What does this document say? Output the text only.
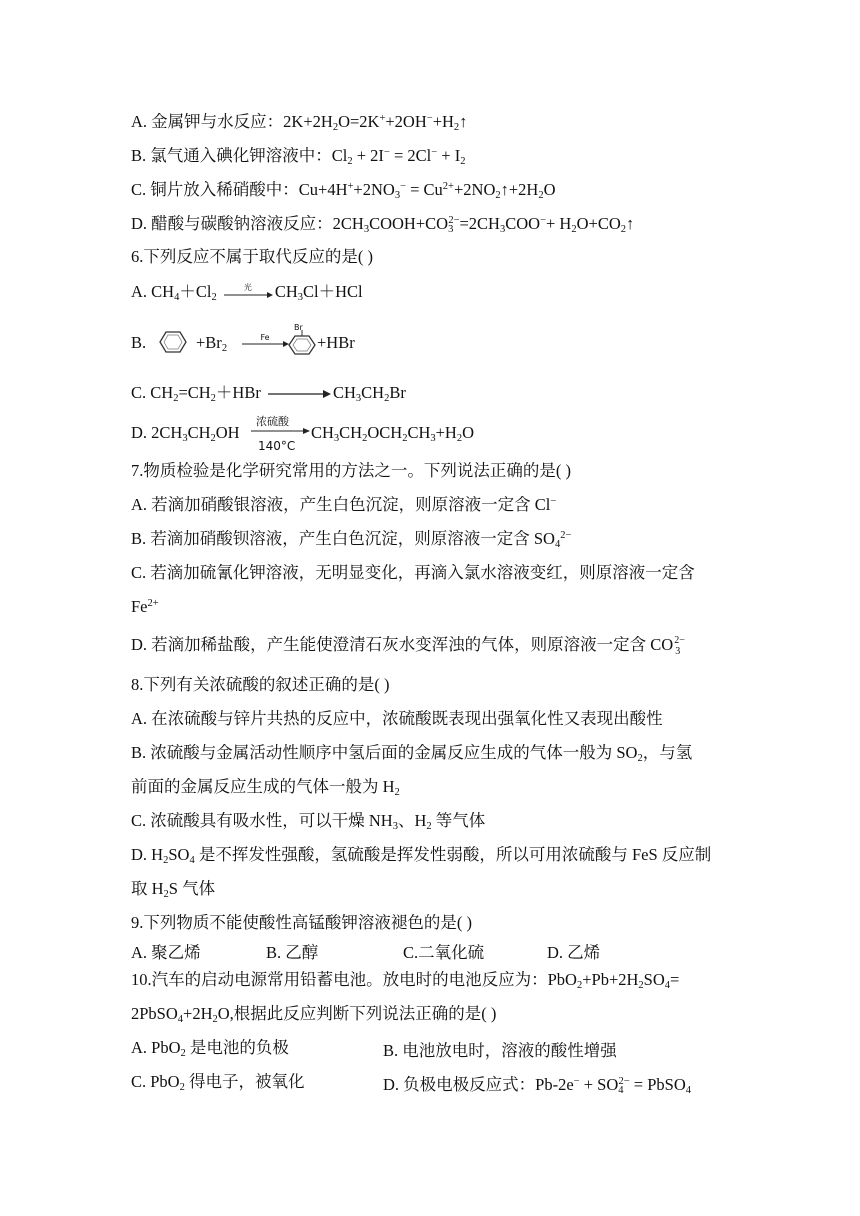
A. 金属钾与水反应：$2K+2H_2O=2K^++2OH^-+H_2↑$
B. 氯气通入碘化钾溶液中：$Cl_2 + 2I^- = 2Cl^- + I_2$
C. 铜片放入稀硝酸中：$Cu+4H^++2NO_3^-$ = $Cu^{2+}+2NO_2↑+2H_2O$
D. 醋酸与碳酸钠溶液反应：$2CH_3COOH+CO_3^{2-}=2CH_3COO^-+$ $H_2O+CO_2↑$
6.下列反应不属于取代反应的是( )
A. $CH_4+Cl_2$
光	$CH_3Cl+HCl$
B.	$+Br_2$
Fe
Br
+HBr
C. $CH_2=CH_2+HBr \to CH_3CH_2Br$
D. $2CH_3CH_2OH$
浓硫酸
140°C
$CH_3CH_2OCH_2CH_3+H_2O$
7.物质检验是化学研究常用的方法之一。下列说法正确的是( )
A. 若滴加硝酸银溶液，产生白色沉淀，则原溶液一定含 Cl−
B. 若滴加硝酸钡溶液，产生白色沉淀，则原溶液一定含 $SO_4^{2-}$
C. 若滴加硫氰化钾溶液，无明显变化，再滴入氯水溶液变红，则原溶液一定含
$Fe^{2+}$
D. 若滴加稀盐酸，产生能使澄清石灰水变浑浊的气体，则原溶液一定含 CO 2−
3
8.下列有关浓硫酸的叙述正确的是( )
A. 在浓硫酸与锌片共热的反应中，浓硫酸既表现出强氧化性又表现出酸性
B. 浓硫酸与金属活动性顺序中氢后面的金属反应生成的气体一般为 $SO_2$，与氢
前面的金属反应生成的气体一般为 $H_2$
C. 浓硫酸具有吸水性，可以干燥 $NH_3$、$H_2$ 等气体
D. $H_2SO_4$ 是不挥发性强酸，氢硫酸是挥发性弱酸，所以可用浓硫酸与 FeS 反应制
取 $H_2S$ 气体
9.下列物质不能使酸性高锰酸钾溶液褪色的是( )
A. 聚乙烯	B. 乙醇	C.二氧化硫	D. 乙烯
10.汽车的启动电源常用铅蓄电池。放电时的电池反应为：$PbO_2+Pb+2H_2SO_4=$
$2PbSO_4+2H_2O$,根据此反应判断下列说法正确的是( )
A. PbO$_2$ 是电池的负极	B. 电池放电时，溶液的酸性增强
C. PbO$_2$ 得电子，被氧化	D. 负极电极反应式：$Pb-2e^- + SO_4^{2-}$ = PbSO$_4$
